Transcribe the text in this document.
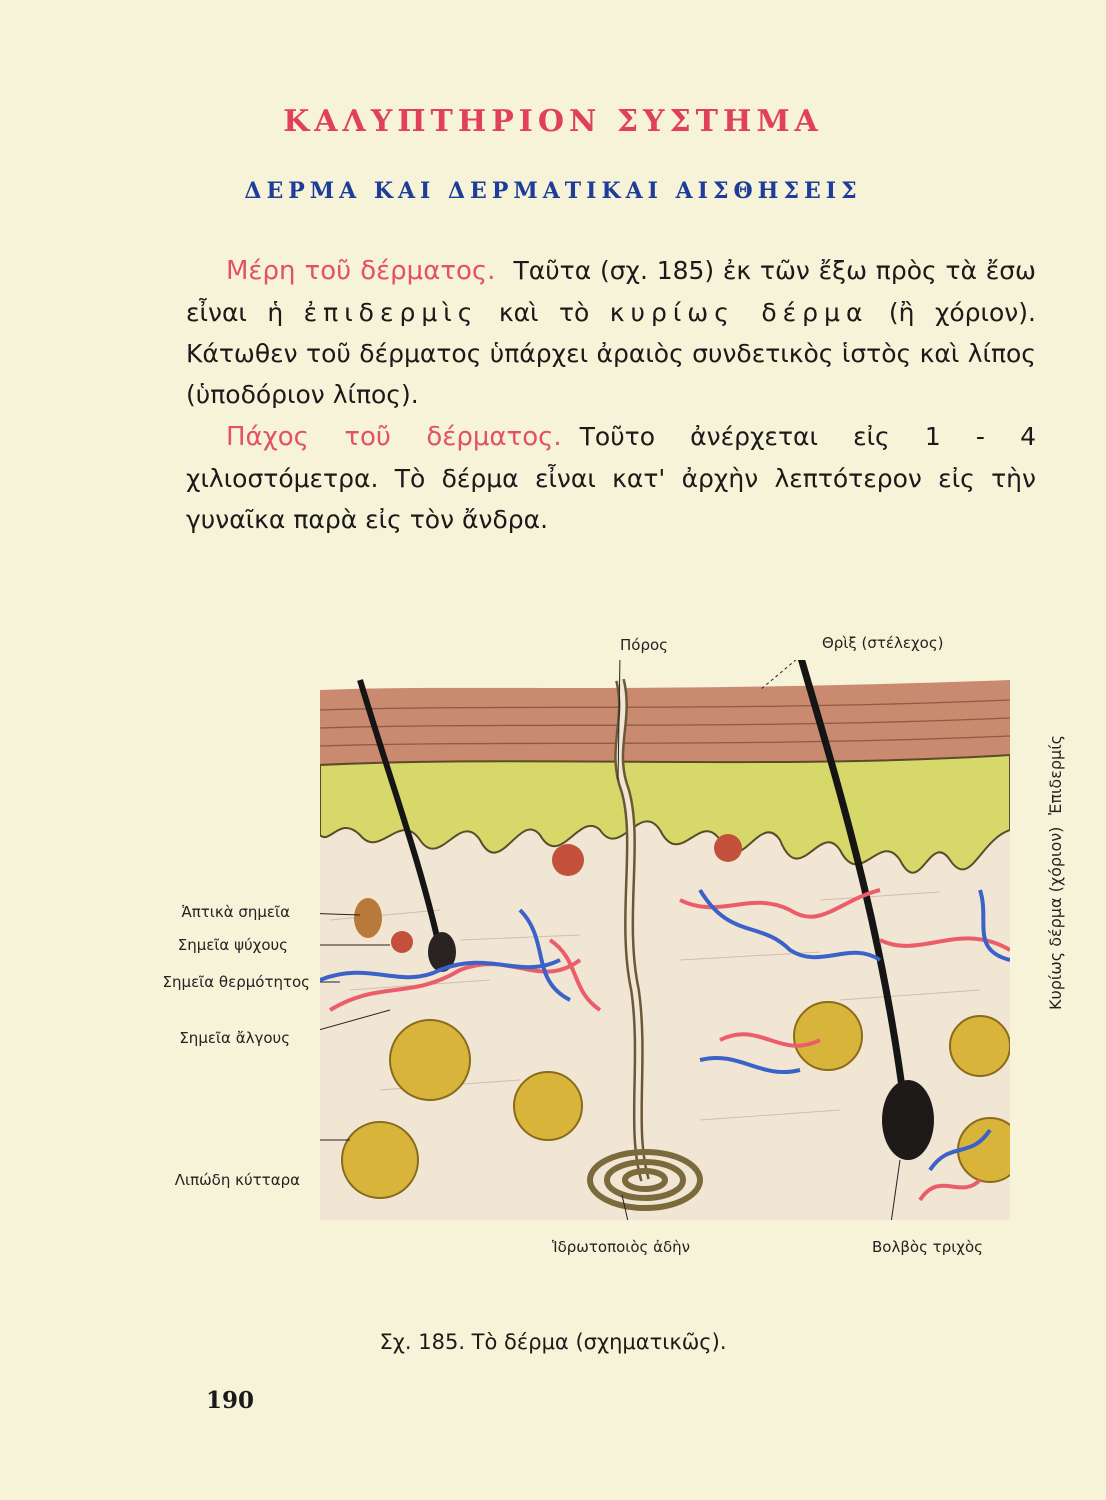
ΚΑΛΥΠΤΗΡΙΟΝ ΣΥΣΤΗΜΑ
ΔΕΡΜΑ ΚΑΙ ΔΕΡΜΑΤΙΚΑΙ ΑΙΣΘΗΣΕΙΣ
Μέρη τοῦ δέρματος. Ταῦτα (σχ. 185) ἐκ τῶν ἔξω πρὸς τὰ ἔσω εἶναι ἡ ἐπιδερμὶς καὶ τὸ κυρίως δέρμα (ἢ χόριον). Κάτωθεν τοῦ δέρματος ὑπάρχει ἀραιὸς συνδετικὸς ἱστὸς καὶ λίπος (ὑποδόριον λίπος).
Πάχος τοῦ δέρματος. Τοῦτο ἀνέρχεται εἰς 1 - 4 χιλιοστόμετρα. Τὸ δέρμα εἶναι κατ' ἀρχὴν λεπτότερον εἰς τὴν γυναῖκα παρὰ εἰς τὸν ἄνδρα.
Πόρος	Θρὶξ (στέλεχος)
Ἁπτικὰ σημεῖα
Σημεῖα ψύχους
Σημεῖα θερμότητος
Σημεῖα ἄλγους
Λιπώδη κύτταρα
Ἱδρωτοποιὸς ἀδὴν	Βολβὸς τριχὸς
Ἐπιδερμίς
Κυρίως δέρμα (χόριον)
Σχ. 185. Τὸ δέρμα (σχηματικῶς).
190
